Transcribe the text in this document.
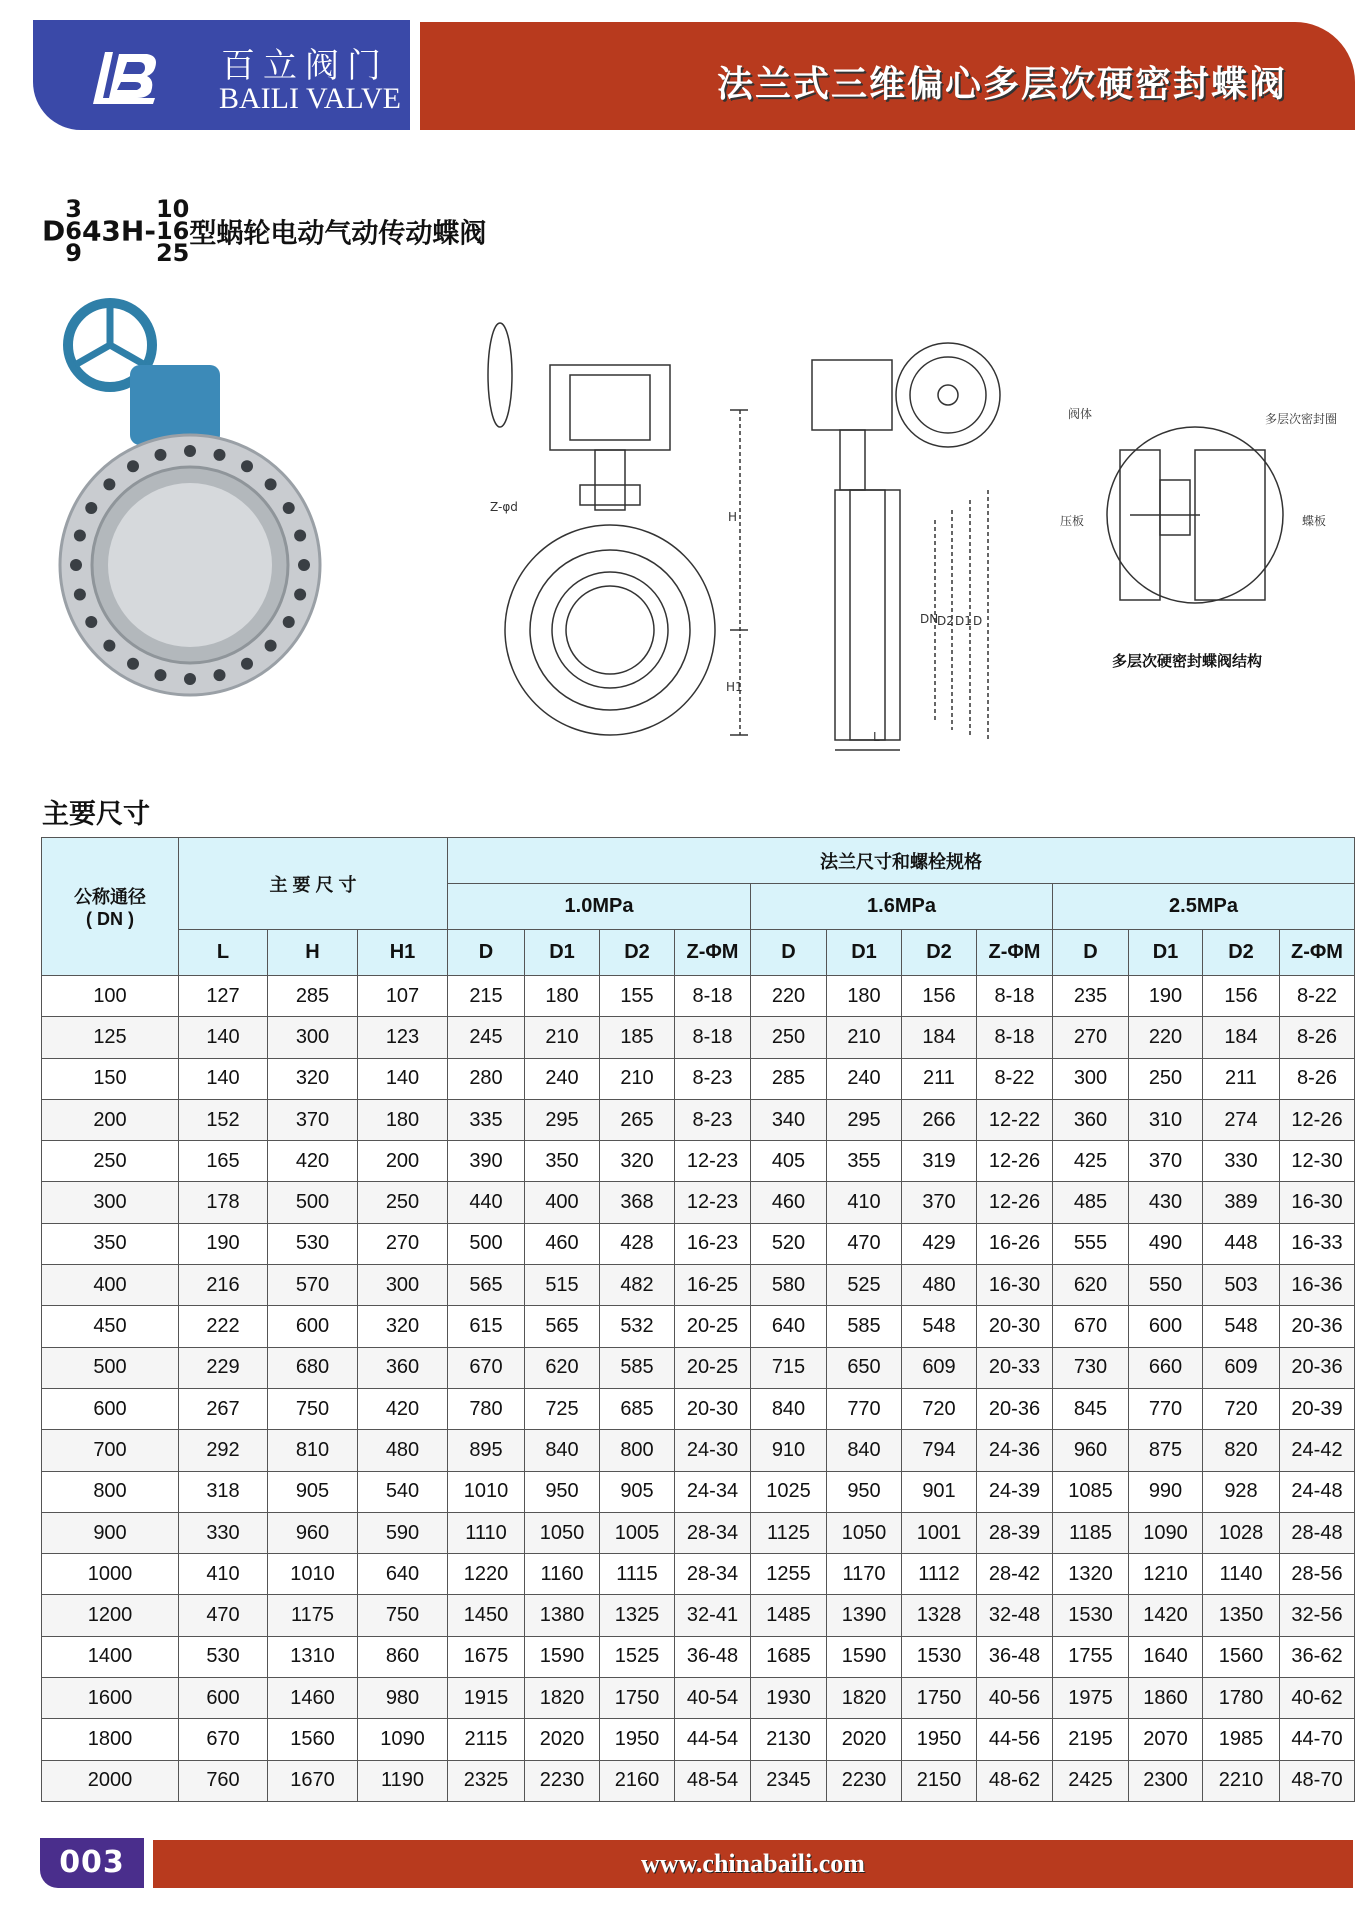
百立阀门
BAILI VALVE	法兰式三维偏心多层次硬密封蝶阀
D
3
6
9
43H-
10
16
25
型蜗轮电动气动传动蝶阀
Z-φd
H
H1
DN
D2 D1 D
L
阀体	多层次密封圈
压板	蝶板
多层次硬密封蝶阀结构
主要尺寸
公称通径
( DN )	主 要 尺 寸			法兰尺寸和螺栓规格											
				1.0MPa				1.6MPa				2.5MPa			
	L	H	H1	D	D1	D2	Z-ΦM	D	D1	D2	Z-ΦM	D	D1	D2	Z-ΦM
100	127	285	107	215	180	155	8-18	220	180	156	8-18	235	190	156	8-22
125	140	300	123	245	210	185	8-18	250	210	184	8-18	270	220	184	8-26
150	140	320	140	280	240	210	8-23	285	240	211	8-22	300	250	211	8-26
200	152	370	180	335	295	265	8-23	340	295	266	12-22	360	310	274	12-26
250	165	420	200	390	350	320	12-23	405	355	319	12-26	425	370	330	12-30
300	178	500	250	440	400	368	12-23	460	410	370	12-26	485	430	389	16-30
350	190	530	270	500	460	428	16-23	520	470	429	16-26	555	490	448	16-33
400	216	570	300	565	515	482	16-25	580	525	480	16-30	620	550	503	16-36
450	222	600	320	615	565	532	20-25	640	585	548	20-30	670	600	548	20-36
500	229	680	360	670	620	585	20-25	715	650	609	20-33	730	660	609	20-36
600	267	750	420	780	725	685	20-30	840	770	720	20-36	845	770	720	20-39
700	292	810	480	895	840	800	24-30	910	840	794	24-36	960	875	820	24-42
800	318	905	540	1010	950	905	24-34	1025	950	901	24-39	1085	990	928	24-48
900	330	960	590	1110	1050	1005	28-34	1125	1050	1001	28-39	1185	1090	1028	28-48
1000	410	1010	640	1220	1160	1115	28-34	1255	1170	1112	28-42	1320	1210	1140	28-56
1200	470	1175	750	1450	1380	1325	32-41	1485	1390	1328	32-48	1530	1420	1350	32-56
1400	530	1310	860	1675	1590	1525	36-48	1685	1590	1530	36-48	1755	1640	1560	36-62
1600	600	1460	980	1915	1820	1750	40-54	1930	1820	1750	40-56	1975	1860	1780	40-62
1800	670	1560	1090	2115	2020	1950	44-54	2130	2020	1950	44-56	2195	2070	1985	44-70
2000	760	1670	1190	2325	2230	2160	48-54	2345	2230	2150	48-62	2425	2300	2210	48-70
003	www.chinabaili.com
